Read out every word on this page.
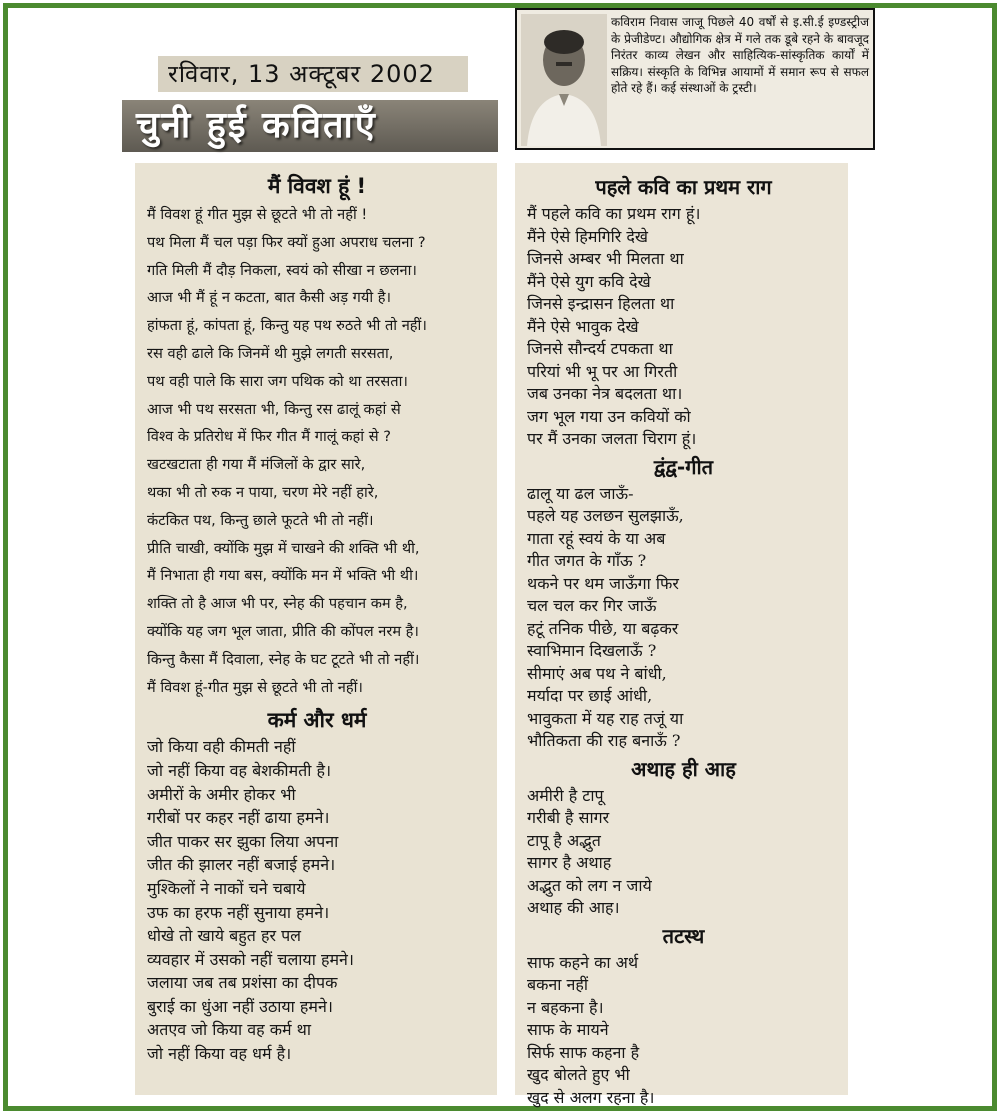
रविवार, 13 अक्टूबर 2002
चुनी हुई कविताएँ
कविराम निवास जाजू पिछले 40 वर्षों से इ.सी.ई इण्डस्ट्रीज के प्रेजीडेण्ट। औद्योगिक क्षेत्र में गले तक डूबे रहने के बावजूद निरंतर काव्य लेखन और साहित्यिक-सांस्कृतिक कार्यों में सक्रिय। संस्कृति के विभिन्न आयामों में समान रूप से सफल होते रहे हैं। कई संस्थाओं के ट्रस्टी।
मैं विवश हूं !
मैं विवश हूं गीत मुझ से छूटते भी तो नहीं !
पथ मिला मैं चल पड़ा फिर क्यों हुआ अपराध चलना ?
गति मिली मैं दौड़ निकला, स्वयं को सीखा न छलना।
आज भी मैं हूं न कटता, बात कैसी अड़ गयी है।
हांफता हूं, कांपता हूं, किन्तु यह पथ रुठते भी तो नहीं।
रस वही ढाले कि जिनमें थी मुझे लगती सरसता,
पथ वही पाले कि सारा जग पथिक को था तरसता।
आज भी पथ सरसता भी, किन्तु रस ढालूं कहां से
विश्व के प्रतिरोध में फिर गीत मैं गालूं कहां से ?
खटखटाता ही गया मैं मंजिलों के द्वार सारे,
थका भी तो रुक न पाया, चरण मेरे नहीं हारे,
कंटकित पथ, किन्तु छाले फूटते भी तो नहीं।
प्रीति चाखी, क्योंकि मुझ में चाखने की शक्ति भी थी,
मैं निभाता ही गया बस, क्योंकि मन में भक्ति भी थी।
शक्ति तो है आज भी पर, स्नेह की पहचान कम है,
क्योंकि यह जग भूल जाता, प्रीति की कोंपल नरम है।
किन्तु कैसा मैं दिवाला, स्नेह के घट टूटते भी तो नहीं।
मैं विवश हूं-गीत मुझ से छूटते भी तो नहीं।
कर्म और धर्म
जो किया वही कीमती नहीं
जो नहीं किया वह बेशकीमती है।
अमीरों के अमीर होकर भी
गरीबों पर कहर नहीं ढाया हमने।
जीत पाकर सर झुका लिया अपना
जीत की झालर नहीं बजाई हमने।
मुश्किलों ने नाकों चने चबाये
उफ का हरफ नहीं सुनाया हमने।
धोखे तो खाये बहुत हर पल
व्यवहार में उसको नहीं चलाया हमने।
जलाया जब तब प्रशंसा का दीपक
बुराई का धुंआ नहीं उठाया हमने।
अतएव जो किया वह कर्म था
जो नहीं किया वह धर्म है।
पहले कवि का प्रथम राग
मैं पहले कवि का प्रथम राग हूं।
मैंने ऐसे हिमगिरि देखे
जिनसे अम्बर भी मिलता था
मैंने ऐसे युग कवि देखे
जिनसे इन्द्रासन हिलता था
मैंने ऐसे भावुक देखे
जिनसे सौन्दर्य टपकता था
परियां भी भू पर आ गिरती
जब उनका नेत्र बदलता था।
जग भूल गया उन कवियों को
पर मैं उनका जलता चिराग हूं।
द्वंद्व-गीत
ढालू या ढल जाऊँ-
पहले यह उलछन सुलझाऊँ,
गाता रहूं स्वयं के या अब
गीत जगत के गाँऊ ?
थकने पर थम जाऊँगा फिर
चल चल कर गिर जाऊँ
हटूं तनिक पीछे, या बढ़कर
स्वाभिमान दिखलाऊँ ?
सीमाएं अब पथ ने बांधी,
मर्यादा पर छाई आंधी,
भावुकता में यह राह तजूं या
भौतिकता की राह बनाऊँ ?
अथाह ही आह
अमीरी है टापू
गरीबी है सागर
टापू है अद्भुत
सागर है अथाह
अद्भुत को लग न जाये
अथाह की आह।
तटस्थ
साफ कहने का अर्थ
बकना नहीं
न बहकना है।
साफ के मायने
सिर्फ साफ कहना है
खुद बोलते हुए भी
खुद से अलग रहना है।
